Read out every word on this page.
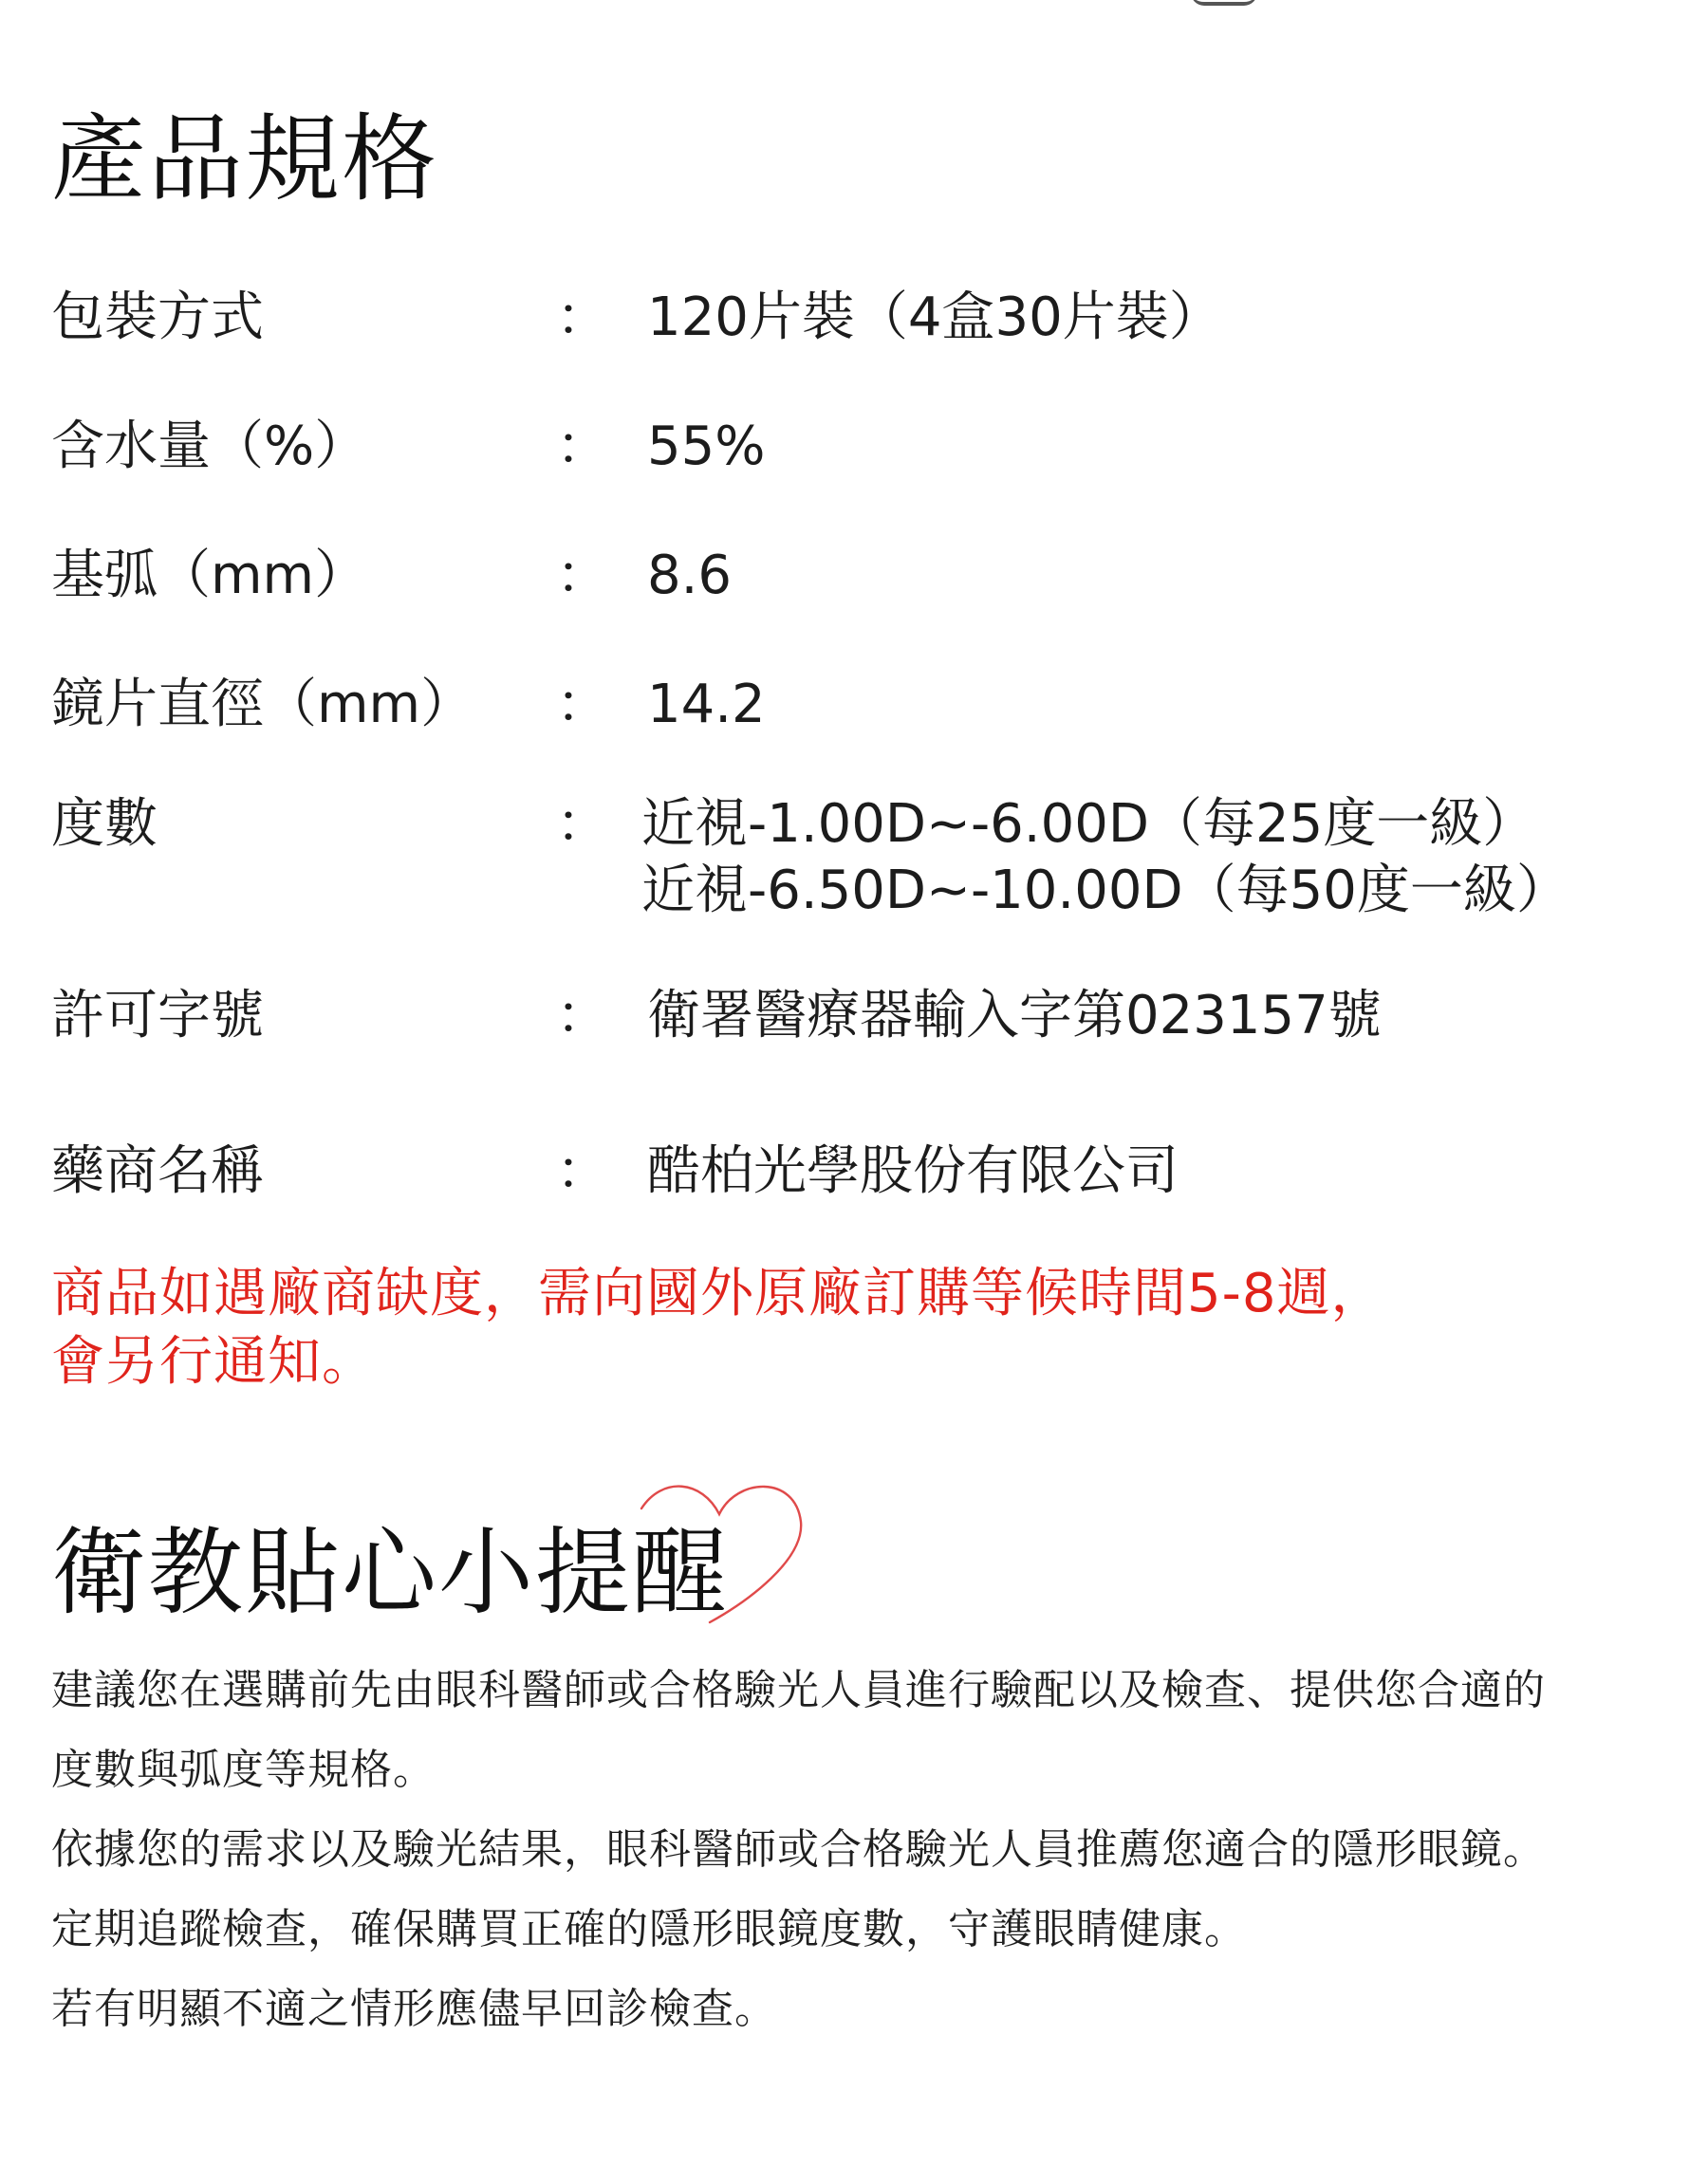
產品規格
包裝方式	： 120片裝（4盒30片裝）
含水量（%）	： 55%
基弧（mm）	： 8.6
鏡片直徑（mm） ： 14.2
度數	： 近視-1.00D~-6.00D（每25度一級）
近視-6.50D~-10.00D（每50度一級）
許可字號	： 衛署醫療器輸入字第023157號
藥商名稱	： 酷柏光學股份有限公司
商品如遇廠商缺度，需向國外原廠訂購等候時間5-8週，
會另行通知。
衛教貼心小提醒
建議您在選購前先由眼科醫師或合格驗光人員進行驗配以及檢查、提供您合適的
度數與弧度等規格。
依據您的需求以及驗光結果，眼科醫師或合格驗光人員推薦您適合的隱形眼鏡。
定期追蹤檢查，確保購買正確的隱形眼鏡度數，守護眼睛健康。
若有明顯不適之情形應儘早回診檢查。
